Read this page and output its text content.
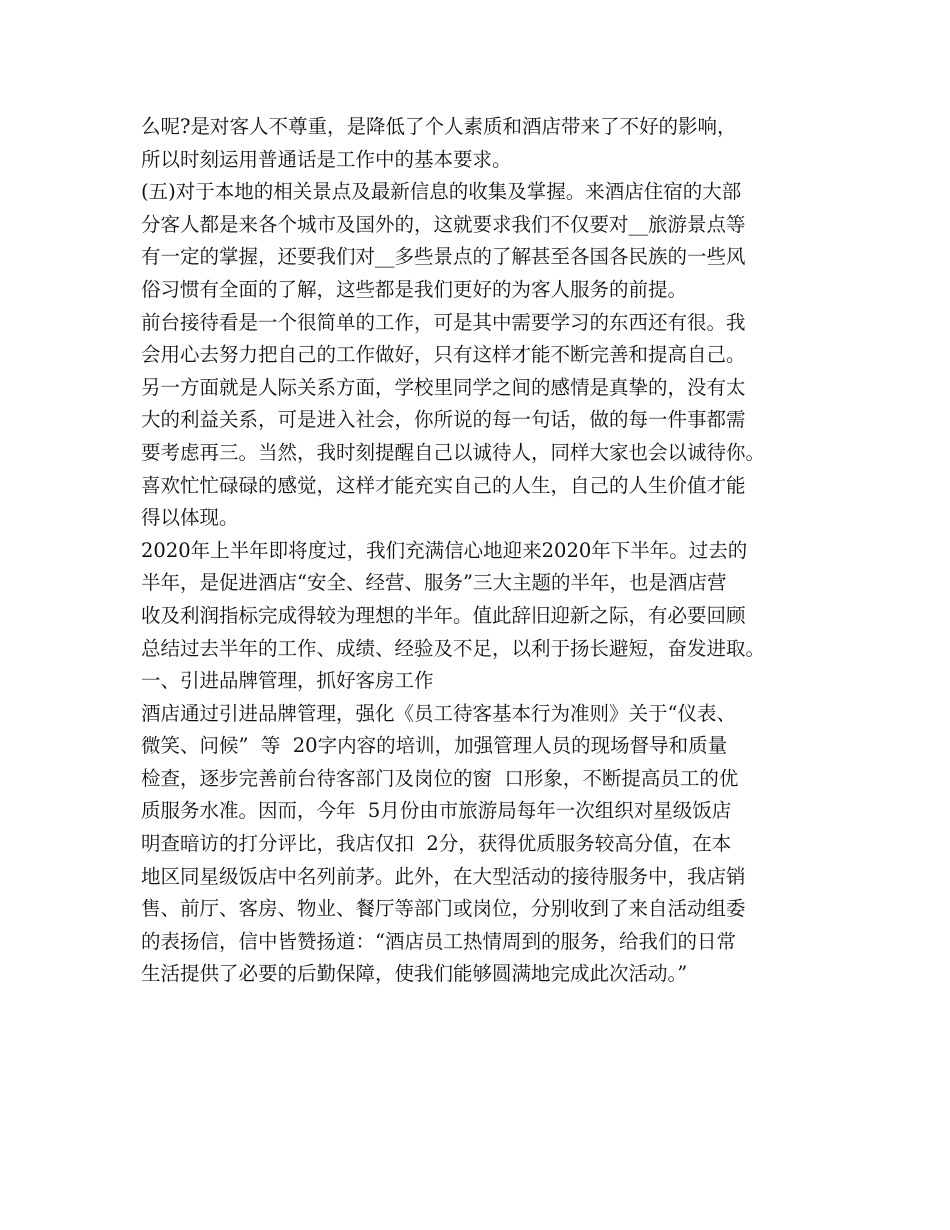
么呢?是对客人不尊重，是降低了个人素质和酒店带来了不好的影响，
所以时刻运用普通话是工作中的基本要求。
(五)对于本地的相关景点及最新信息的收集及掌握。来酒店住宿的大部
分客人都是来各个城市及国外的，这就要求我们不仅要对__旅游景点等
有一定的掌握，还要我们对__多些景点的了解甚至各国各民族的一些风
俗习惯有全面的了解，这些都是我们更好的为客人服务的前提。
前台接待看是一个很简单的工作，可是其中需要学习的东西还有很。我
会用心去努力把自己的工作做好，只有这样才能不断完善和提高自己。
另一方面就是人际关系方面，学校里同学之间的感情是真挚的，没有太
大的利益关系，可是进入社会，你所说的每一句话，做的每一件事都需
要考虑再三。当然，我时刻提醒自己以诚待人，同样大家也会以诚待你。
喜欢忙忙碌碌的感觉，这样才能充实自己的人生，自己的人生价值才能
得以体现。
2020年上半年即将度过，我们充满信心地迎来2020年下半年。过去的
半年，是促进酒店“安全、经营、服务”三大主题的半年，也是酒店营
收及利润指标完成得较为理想的半年。值此辞旧迎新之际，有必要回顾
总结过去半年的工作、成绩、经验及不足，以利于扬长避短，奋发进取。
一、引进品牌管理，抓好客房工作
酒店通过引进品牌管理，强化《员工待客基本行为准则》关于“仪表、
微笑、问候”  等  20字内容的培训，加强管理人员的现场督导和质量
检查，逐步完善前台待客部门及岗位的窗  口形象，不断提高员工的优
质服务水准。因而，今年  5月份由市旅游局每年一次组织对星级饭店
明查暗访的打分评比，我店仅扣  2分，获得优质服务较高分值，在本
地区同星级饭店中名列前茅。此外，在大型活动的接待服务中，我店销
售、前厅、客房、物业、餐厅等部门或岗位，分别收到了来自活动组委
的表扬信，信中皆赞扬道：“酒店员工热情周到的服务，给我们的日常
生活提供了必要的后勤保障，使我们能够圆满地完成此次活动。”
